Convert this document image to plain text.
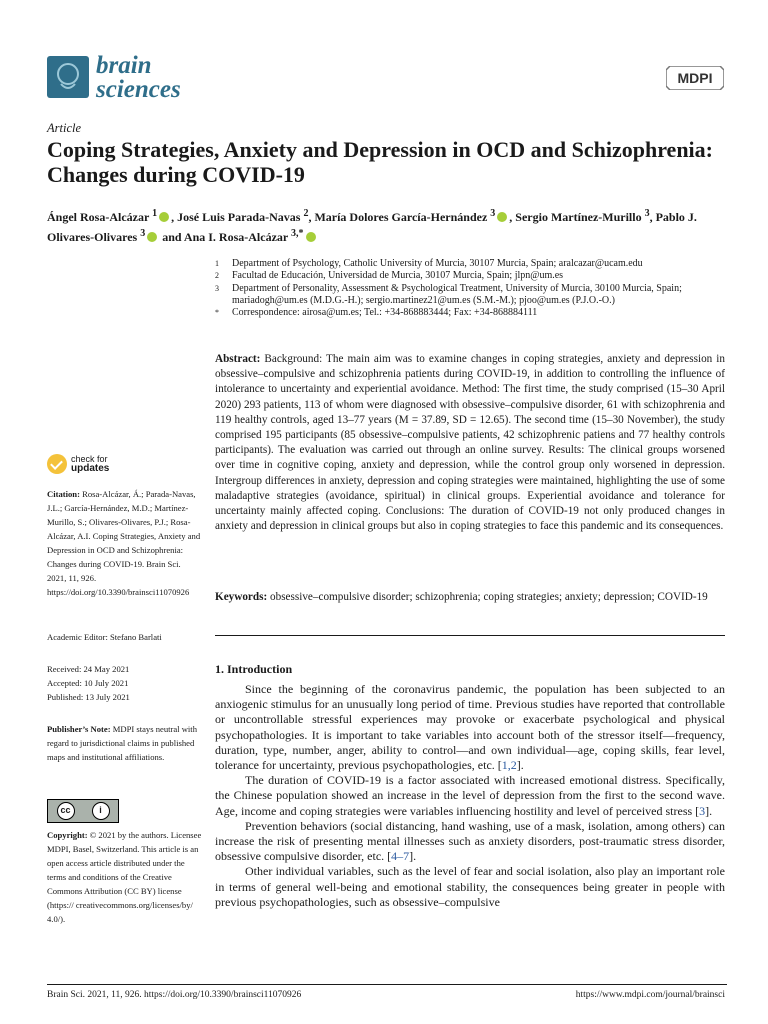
brain
sciences	MDPI
Article
Coping Strategies, Anxiety and Depression in OCD and Schizophrenia: Changes during COVID-19
Ángel Rosa-Alcázar $^1$ , José Luis Parada-Navas $^2$, María Dolores García-Hernández $^3$ , Sergio Martínez-Murillo $^3$, Pablo J. Olivares-Olivares $^3$ and Ana I. Rosa-Alcázar $^{3,*}$
1	Department of Psychology, Catholic University of Murcia, 30107 Murcia, Spain; aralcazar@ucam.edu
2	Facultad de Educación, Universidad de Murcia, 30107 Murcia, Spain; jlpn@um.es
3	Department of Personality, Assessment & Psychological Treatment, University of Murcia, 30100 Murcia, Spain; mariadogh@um.es (M.D.G.-H.); sergio.martinez21@um.es (S.M.-M.); pjoo@um.es (P.J.O.-O.)
*	Correspondence: airosa@um.es; Tel.: +34-868883444; Fax: +34-868884111
Abstract: Background: The main aim was to examine changes in coping strategies, anxiety and depression in obsessive–compulsive and schizophrenia patients during COVID-19, in addition to controlling the influence of intolerance to uncertainty and experiential avoidance. Method: The first time, the study comprised (15–30 April 2020) 293 patients, 113 of whom were diagnosed with obsessive–compulsive disorder, 61 with schizophrenia and 119 healthy controls, aged 13–77 years (M = 37.89, SD = 12.65). The second time (15–30 November), the study comprised 195 participants (85 obsessive–compulsive patients, 42 schizophrenic patiens and 77 healthy controls participants). The evaluation was carried out through an online survey. Results: The clinical groups worsened over time in cognitive coping, anxiety and depression, while the control group only worsened in depression. Intergroup differences in anxiety, depression and coping strategies were maintained, highlighting the use of some maladaptive strategies (avoidance, spiritual) in clinical groups. Experiential avoidance and tolerance for uncertainty mainly affected coping. Conclusions: The duration of COVID-19 not only produced changes in anxiety and depression in clinical groups but also in coping strategies to face this pandemic and its consequences.
Keywords: obsessive–compulsive disorder; schizophrenia; coping strategies; anxiety; depression; COVID-19
check for
updates
Citation: Rosa-Alcázar, Á.; Parada-Navas, J.L.; García-Hernández, M.D.; Martínez-Murillo, S.; Olivares-Olivares, P.J.; Rosa-Alcázar, A.I. Coping Strategies, Anxiety and Depression in OCD and Schizophrenia: Changes during COVID-19. Brain Sci. 2021, 11, 926. https://doi.org/10.3390/brainsci11070926
Academic Editor: Stefano Barlati
Received: 24 May 2021
Accepted: 10 July 2021
Published: 13 July 2021
Publisher’s Note: MDPI stays neutral with regard to jurisdictional claims in published maps and institutional affiliations.
cc	i
Copyright: © 2021 by the authors. Licensee MDPI, Basel, Switzerland. This article is an open access article distributed under the terms and conditions of the Creative Commons Attribution (CC BY) license (https:// creativecommons.org/licenses/by/ 4.0/).
1. Introduction

Since the beginning of the coronavirus pandemic, the population has been subjected to an anxiogenic stimulus for an unusually long period of time. Previous studies have reported that controllable or uncontrollable stressful experiences may provoke or exacerbate psychological and physical psychopathologies. It is important to take variables into account both of the stressor itself—frequency, duration, type, number, anger, ability to control—and own individual—age, coping skills, fear level, tolerance for uncertainty, previous psychopathologies, etc. [1,2].

The duration of COVID-19 is a factor associated with increased emotional distress. Specifically, the Chinese population showed an increase in the level of depression from the first to the second wave. Age, income and coping strategies were variables influencing hostility and level of perceived stress [3].

Prevention behaviors (social distancing, hand washing, use of a mask, isolation, among others) can increase the risk of presenting mental illnesses such as anxiety disorders, post-traumatic stress disorder, obsessive compulsive disorder, etc. [4–7].

Other individual variables, such as the level of fear and social isolation, also play an important role in terms of general well-being and emotional stability, the consequences being greater in people with previous psychopathologies, such as obsessive–compulsive

Brain Sci. 2021, 11, 926. https://doi.org/10.3390/brainsci11070926	https://www.mdpi.com/journal/brainsci
